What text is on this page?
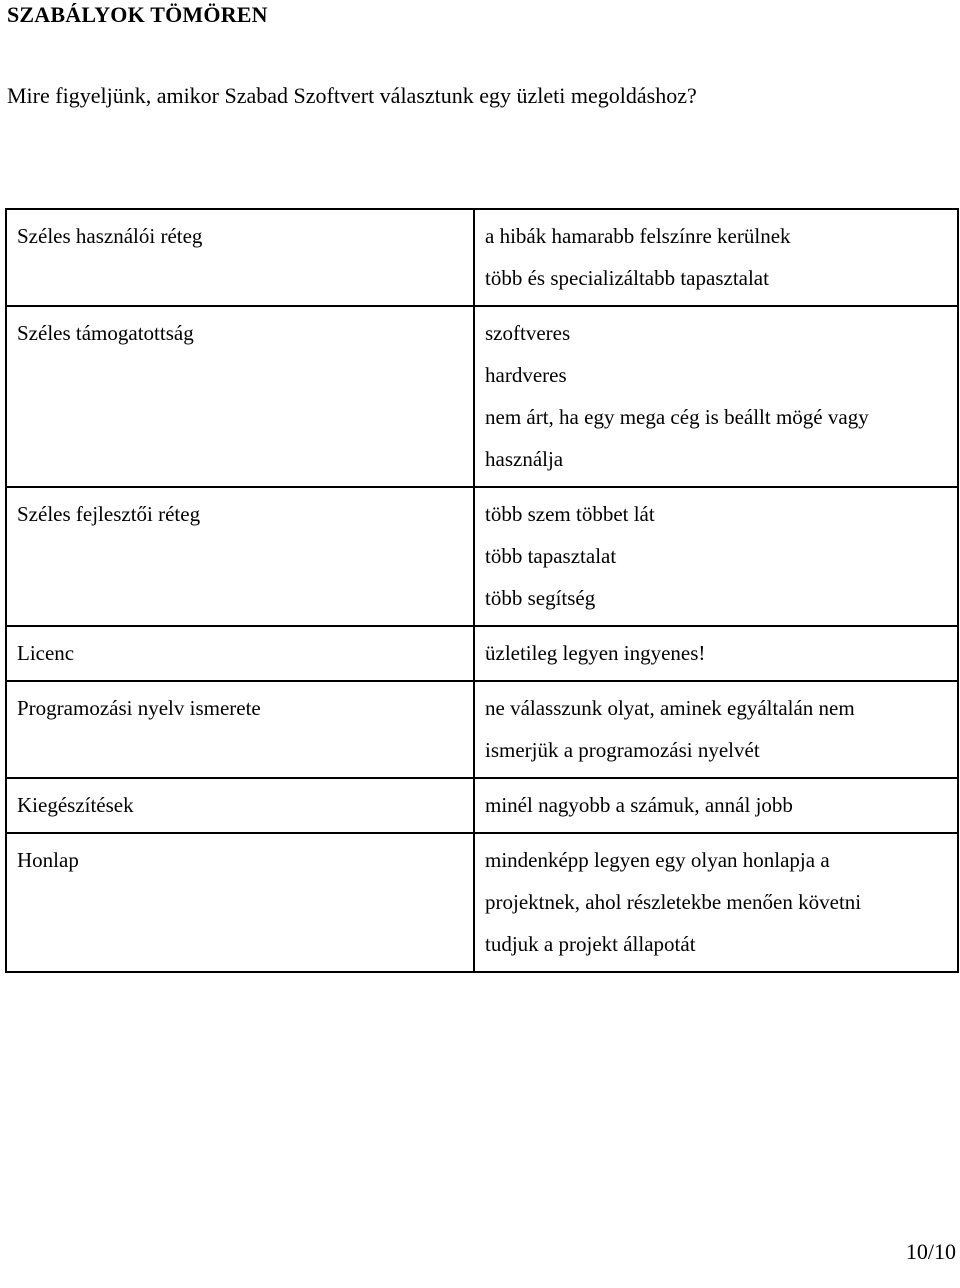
SZABÁLYOK TÖMÖREN
Mire figyeljünk, amikor Szabad Szoftvert választunk egy üzleti megoldáshoz?
Széles használói réteg	a hibák hamarabb felszínre kerülnek
több és specializáltabb tapasztalat

Széles támogatottság	szoftveres
hardveres
nem árt, ha egy mega cég is beállt mögé vagy
használja

Széles fejlesztői réteg	több szem többet lát
több tapasztalat
több segítség

Licenc	üzletileg legyen ingyenes!

Programozási nyelv ismerete	ne válasszunk olyat, aminek egyáltalán nem
ismerjük a programozási nyelvét

Kiegészítések	minél nagyobb a számuk, annál jobb

Honlap	mindenképp legyen egy olyan honlapja a
projektnek, ahol részletekbe menően követni
tudjuk a projekt állapotát
10/10
